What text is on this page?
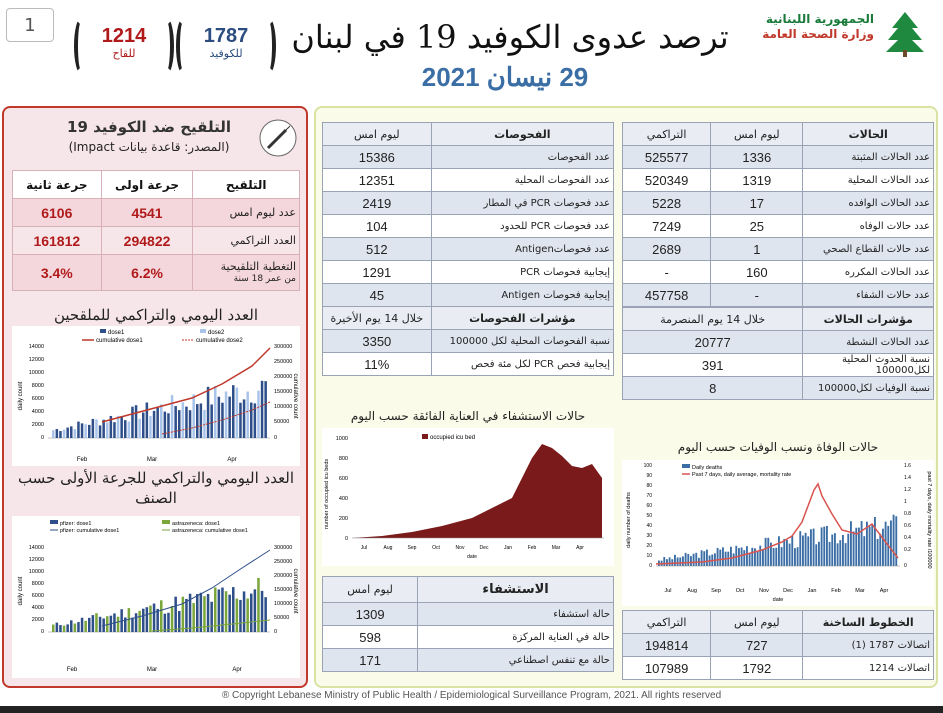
1	1214
للقاح
1787
للكوفيد	ترصد عدوى الكوفيد 19 في لبنان
29 نيسان 2021
الجمهورية اللبنانية
وزارة الصحة العامة
التلقيح ضد الكوفيد 19
(المصدر: قاعدة بيانات Impact)
التلقيح	جرعة اولى	جرعة ثانية
عدد ليوم امس	4541	6106
العدد التراكمي	294822	161812

التغطية التلقيحية
من عمر 18 سنة	6.2%	3.4%
العدد اليومي والتراكمي للملقحين
dose1	dose2
cumulative dose1	cumulative dose2
14000
12000
10000
8000
6000
4000
2000
0
300000
250000
200000
150000
100000
50000
0
daily count	cumulative count
Feb	Mar	Apr
العدد اليومي والتراكمي للجرعة الأولى حسب الصنف
pfizer: dose1
pfizer: cumulative dose1
astrazeneca: dose1
astrazeneca: cumulative dose1
14000
12000
10000
8000
6000
4000
2000
0
300000
250000
200000
150000
100000
50000
0
daily count	cumulative count
Feb	Mar	Apr
الفحوصات	ليوم امس
عدد الفحوصات	15386
عدد الفحوصات المحلية	12351
عدد فحوصات PCR في المطار	2419
عدد فحوصات PCR للحدود	104
عدد فحوصاتAntigen	512
إيجابية فحوصات PCR	1291
إيجابية فحوصات Antigen	45
مؤشرات الفحوصات	خلال 14 يوم الأخيرة
نسبة الفحوصات المحلية لكل 100000	3350
إيجابية فحص PCR لكل مئة فحص	11%
الحالات	ليوم امس	التراكمي
عدد الحالات المثبتة	1336	525577
عدد الحالات المحلية	1319	520349
عدد الحالات الوافده	17	5228
عدد حالات الوفاه	25	7249
عدد حالات القطاع الصحي	1	2689
عدد الحالات المكرره	160	-
عدد حالات الشفاء	-	457758
مؤشرات الحالات	خلال 14 يوم المنصرمة
عدد الحالات النشطة	20777
نسبة الحدوث المحلية لكل100000	391
نسبة الوفيات لكل100000	8
حالات الاستشفاء في العناية الفائقة حسب اليوم
occupied icu bed
number of occupied icu beds
1000
800
600
400
200
0
Jul	Aug	Sep	Oct	Nov	Dec	Jan	Feb	Mar	Apr
date
حالات الوفاة ونسب الوفيات حسب اليوم
Daily deaths
Past 7 days, daily average, mortality rate
daily number of deaths	past 7 days, daily mortality rate /100000
100
90
80
70
60
50
40
30
20
10
0
1.6
1.4
1.2
1
0.8
0.6
0.4
0.2
0
Jul	Aug	Sep	Oct	Nov	Dec	Jan	Feb	Mar	Apr
date
الاستشفاء	ليوم امس
حالة استشفاء	1309
حالة في العناية المركزة	598
حالة مع تنفس اصطناعي	171
الخطوط الساخنة	ليوم امس	التراكمي
اتصالات 1787 (1)	727	194814
اتصالات 1214	1792	107989
® Copyright Lebanese Ministry of Public Health / Epidemiological Surveillance Program, 2021. All rights reserved
